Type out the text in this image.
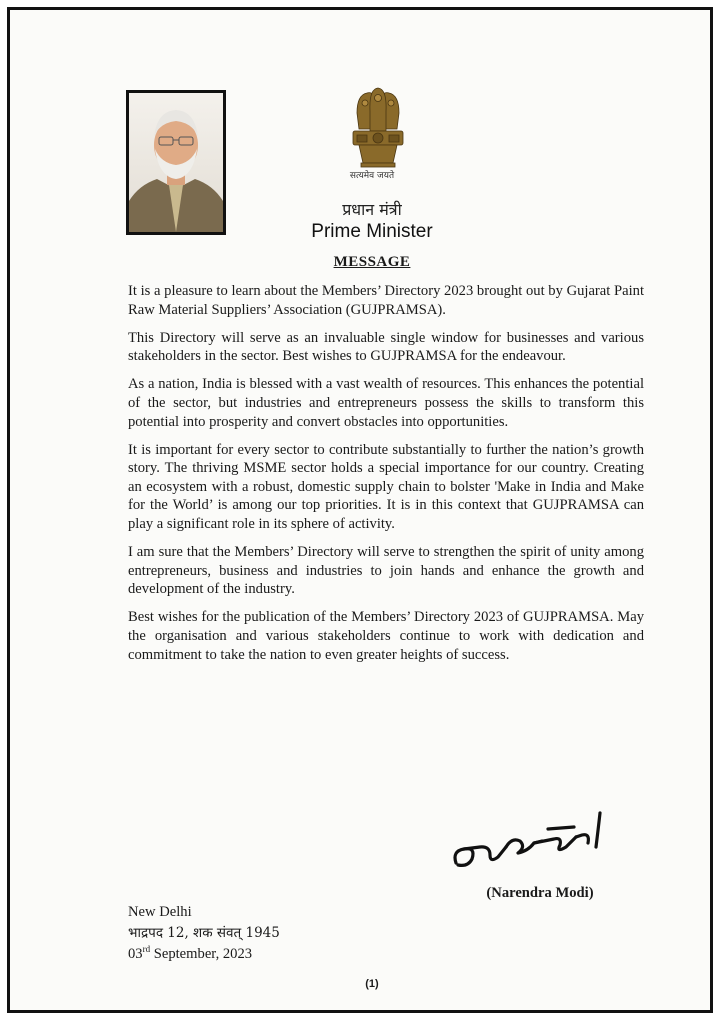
सत्यमेव जयते
प्रधान मंत्री
Prime Minister
MESSAGE

It is a pleasure to learn about the Members’ Directory 2023 brought out by Gujarat Paint Raw Material Suppliers’ Association (GUJPRAMSA).

This Directory will serve as an invaluable single window for businesses and various stakeholders in the sector. Best wishes to GUJPRAMSA for the endeavour.

As a nation, India is blessed with a vast wealth of resources. This enhances the potential of the sector, but industries and entrepreneurs possess the skills to transform this potential into prosperity and convert obstacles into opportunities.

It is important for every sector to contribute substantially to further the nation’s growth story. The thriving MSME sector holds a special importance for our country. Creating an ecosystem with a robust, domestic supply chain to bolster 'Make in India and Make for the World’ is among our top priorities. It is in this context that GUJPRAMSA can play a significant role in its sphere of activity.

I am sure that the Members’ Directory will serve to strengthen the spirit of unity among entrepreneurs, business and industries to join hands and enhance the growth and development of the industry.

Best wishes for the publication of the Members’ Directory 2023 of GUJPRAMSA. May the organisation and various stakeholders continue to work with dedication and commitment to take the nation to even greater heights of success.

(Narendra Modi)
New Delhi
भाद्रपद 12, शक संवत् 1945
03rd September, 2023
(1)
